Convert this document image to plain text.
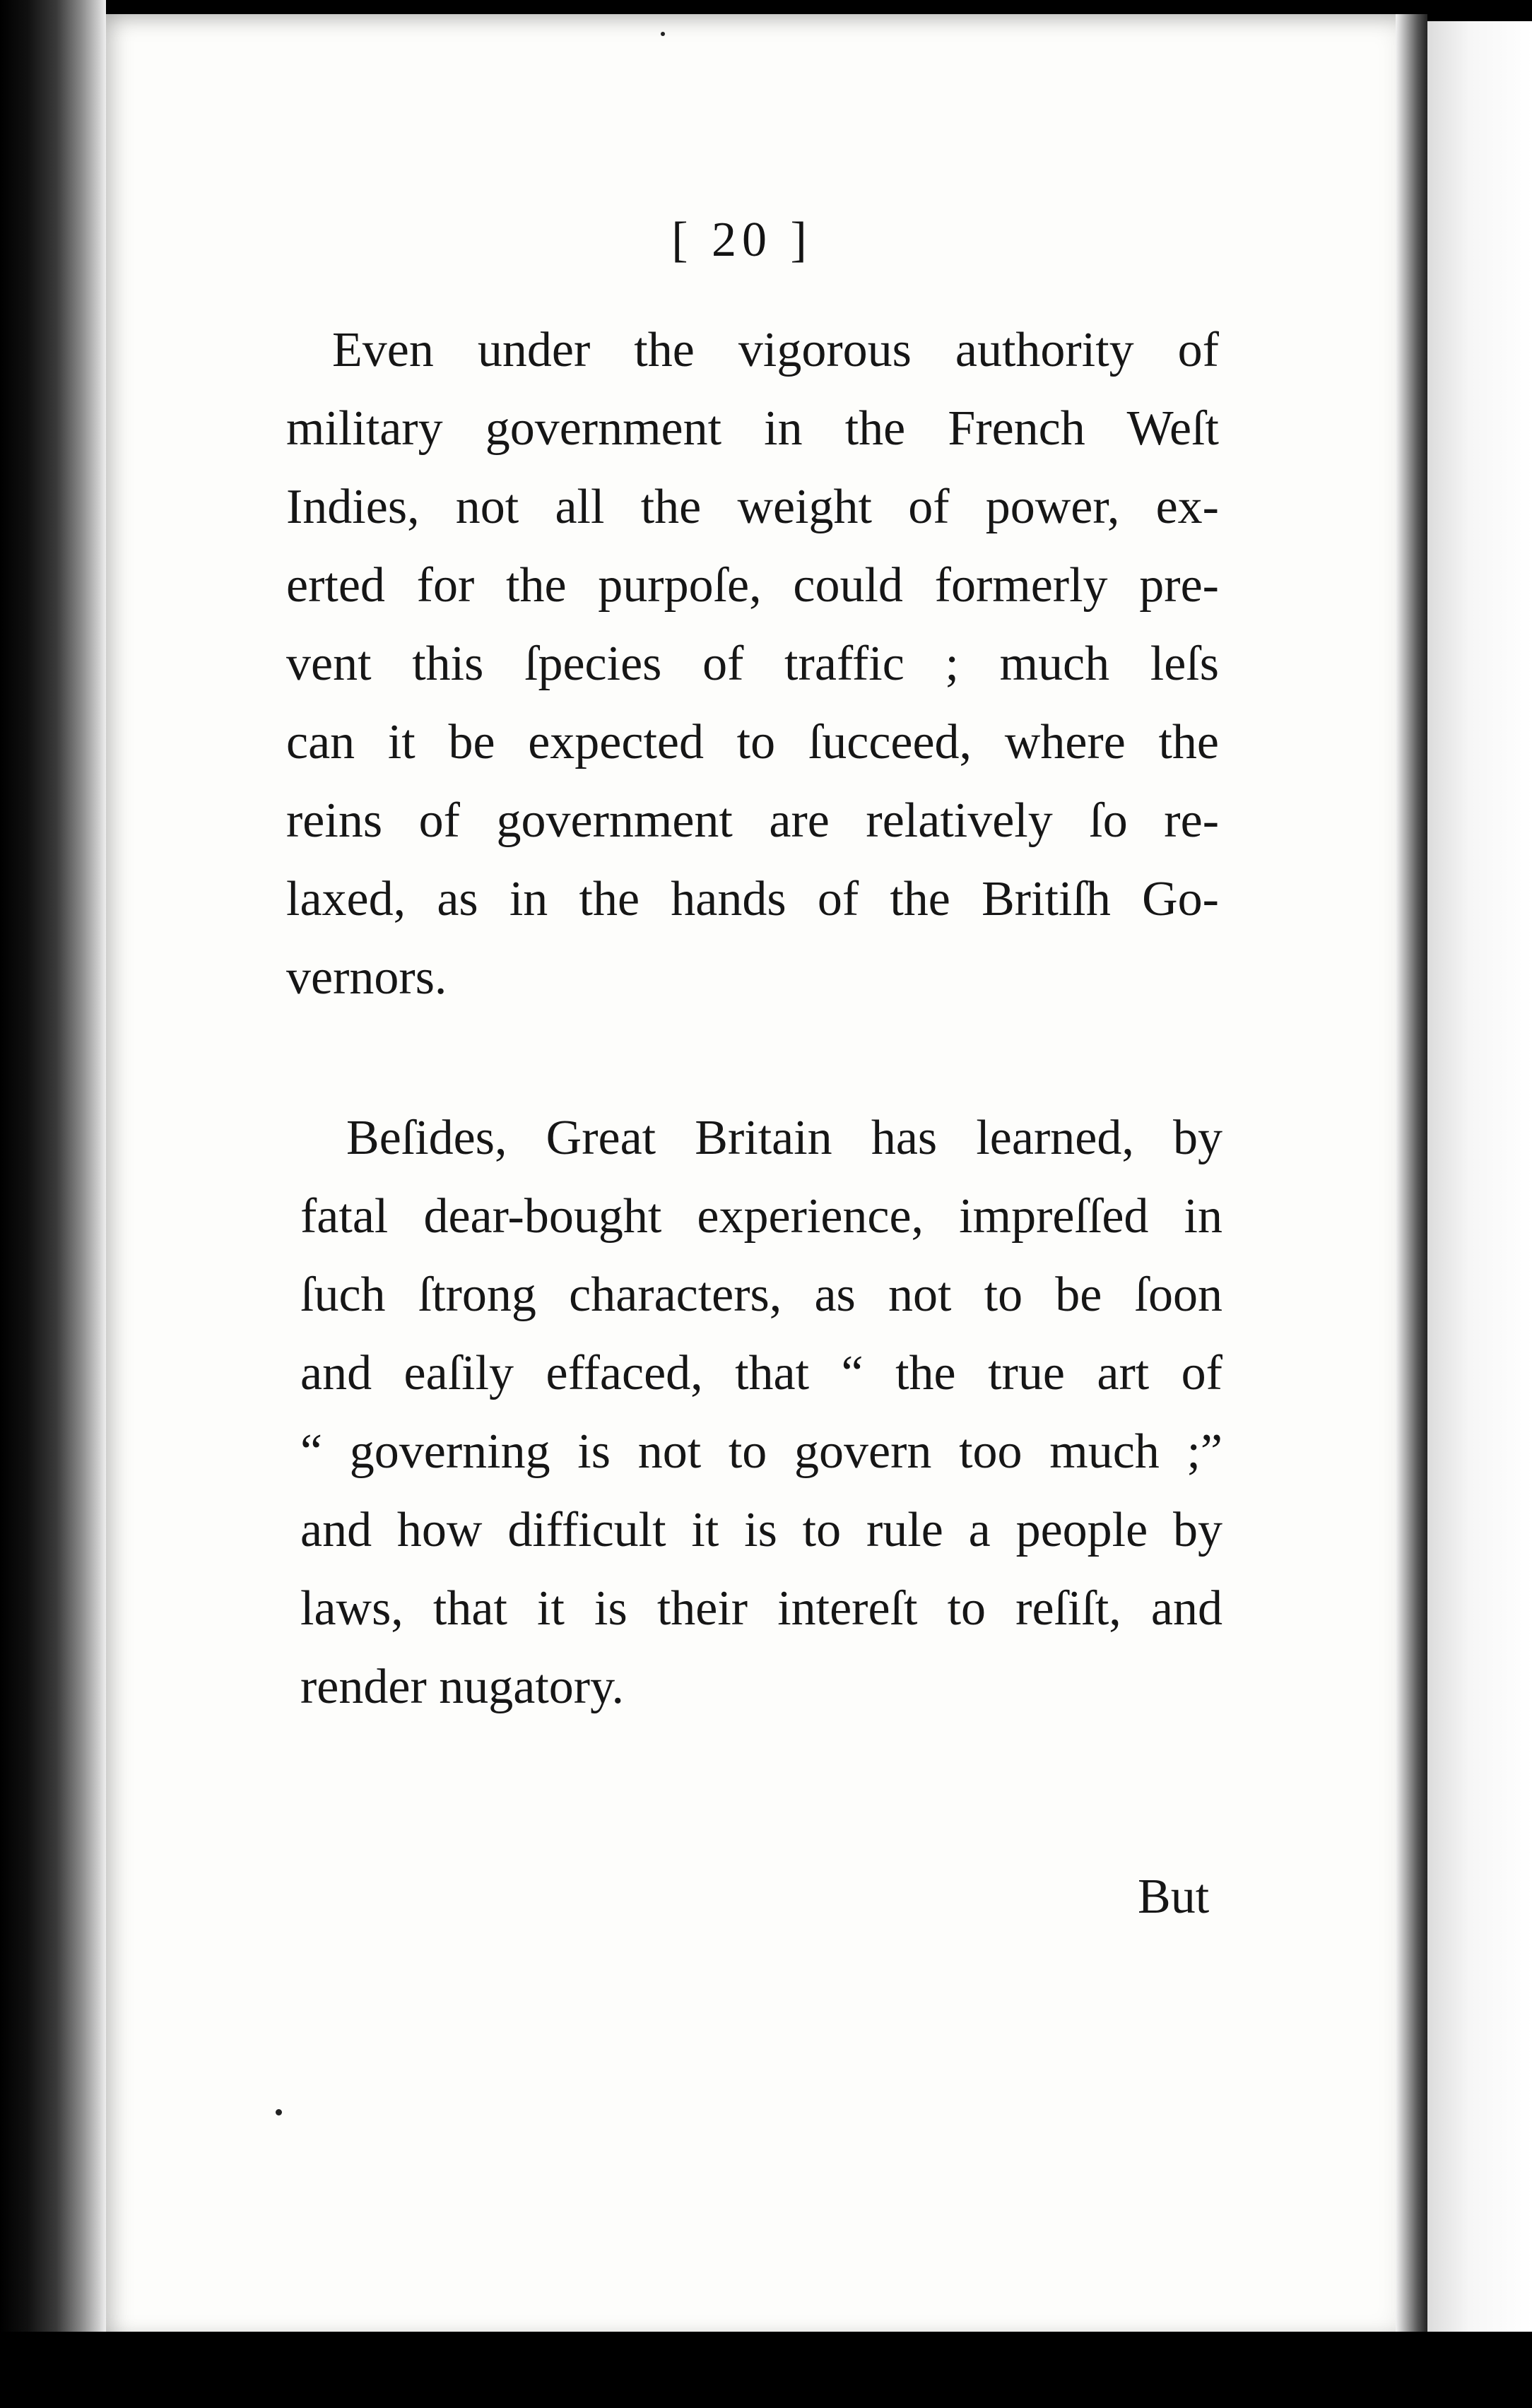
[ 20 ]
Even under the vigorous authority of
military government in the French Weſt
Indies, not all the weight of power, ex-
erted for the purpoſe, could formerly pre-
vent this ſpecies of traffic ; much leſs
can it be expected to ſucceed, where the
reins of government are relatively ſo re-
laxed, as in the hands of the Britiſh Go-
vernors.
Beſides, Great Britain has learned, by
fatal dear-bought experience, impreſſed in
ſuch ſtrong characters, as not to be ſoon
and eaſily effaced, that “ the true art of
“ governing is not to govern too much ;”
and how difficult it is to rule a people by
laws, that it is their intereſt to reſiſt, and
render nugatory.
But
